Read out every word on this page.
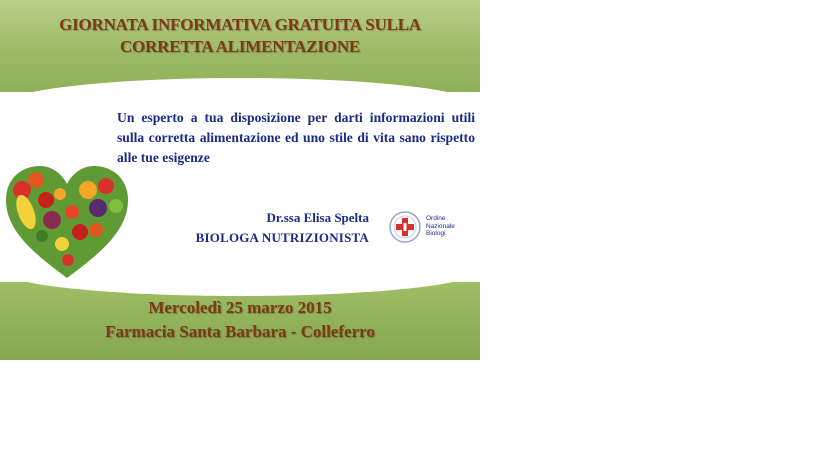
GIORNATA INFORMATIVA GRATUITA SULLA
CORRETTA ALIMENTAZIONE
Un esperto a tua disposizione per darti informazioni utili sulla corretta alimentazione ed uno stile di vita sano rispetto alle tue esigenze
Dr.ssa Elisa Spelta
BIOLOGA NUTRIZIONISTA
Ordine
Nazionale
Biologi
Mercoledì 25 marzo 2015
Farmacia Santa Barbara - Colleferro
